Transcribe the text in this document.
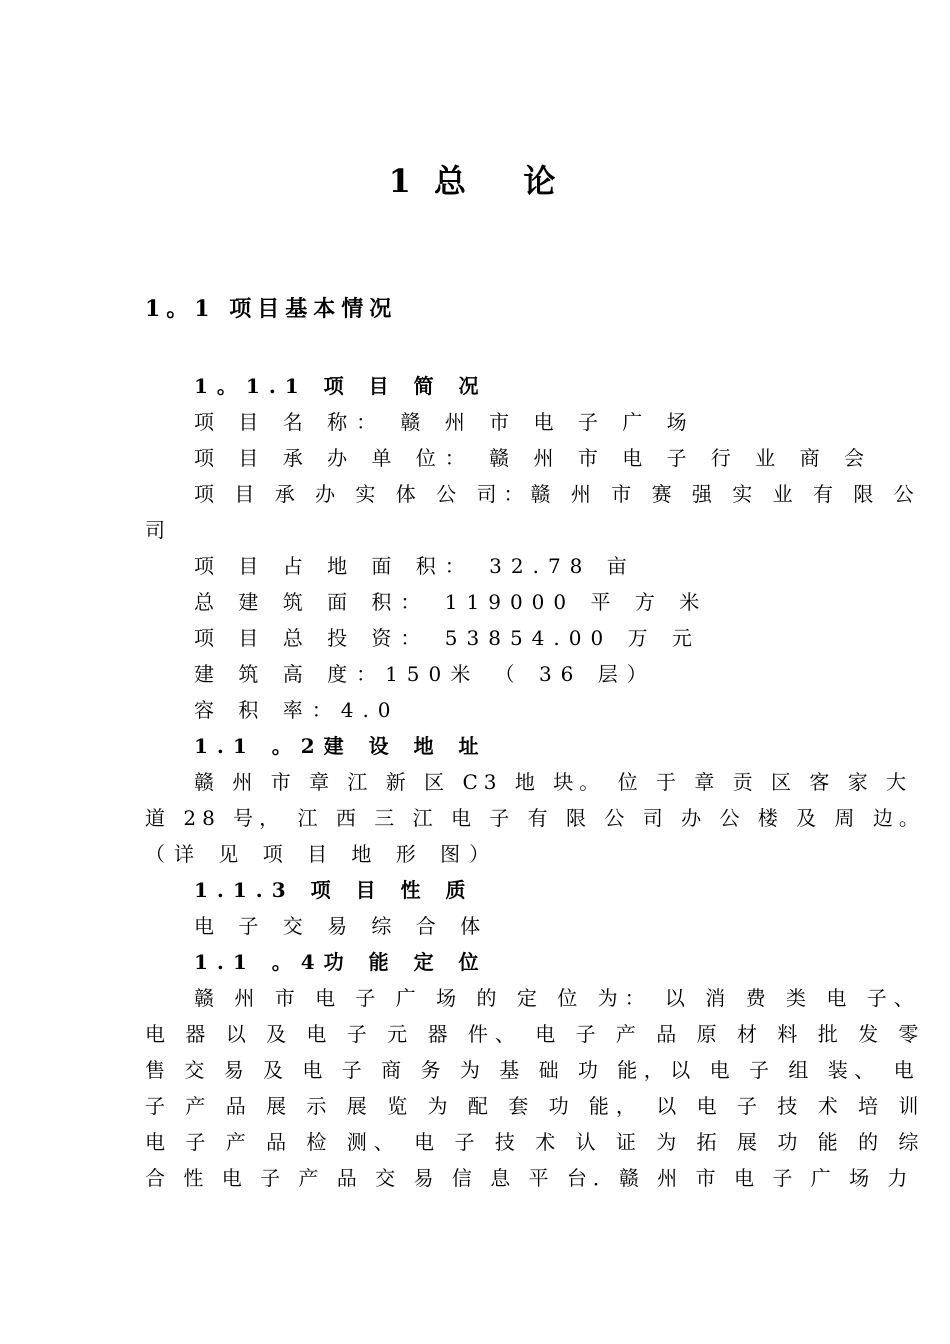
1 总   论
1。1 项目基本情况
1。1.1 项 目 简 况
项 目 名 称： 赣 州 市 电 子 广 场
项 目 承 办 单 位： 赣 州 市 电 子 行 业 商 会
项 目 承 办 实 体 公 司：赣 州 市 赛 强 实 业 有 限 公
司
项 目 占 地 面 积： 32.78 亩
总 建 筑 面 积： 119000 平 方 米
项 目 总 投 资： 53854.00 万 元
建 筑 高 度：150米 （ 36 层）
容 积 率：4.0
1.1 。2建 设 地 址
赣 州 市 章 江 新 区 C3 地 块。 位 于 章 贡 区 客 家 大
道 28 号， 江 西 三 江 电 子 有 限 公 司 办 公 楼 及 周 边。
（详 见 项 目 地 形 图）
1.1.3 项 目 性 质
电 子 交 易 综 合 体
1.1 。4功 能 定 位
赣 州 市 电 子 广 场 的 定 位 为： 以 消 费 类 电 子、
电 器 以 及 电 子 元 器 件、 电 子 产 品 原 材 料 批 发 零
售 交 易 及 电 子 商 务 为 基 础 功 能，以 电 子 组 装、 电
子 产 品 展 示 展 览 为 配 套 功 能， 以 电 子 技 术 培 训
电 子 产 品 检 测、 电 子 技 术 认 证 为 拓 展 功 能 的 综
合 性 电 子 产 品 交 易 信 息 平 台．赣 州 市 电 子 广 场 力
